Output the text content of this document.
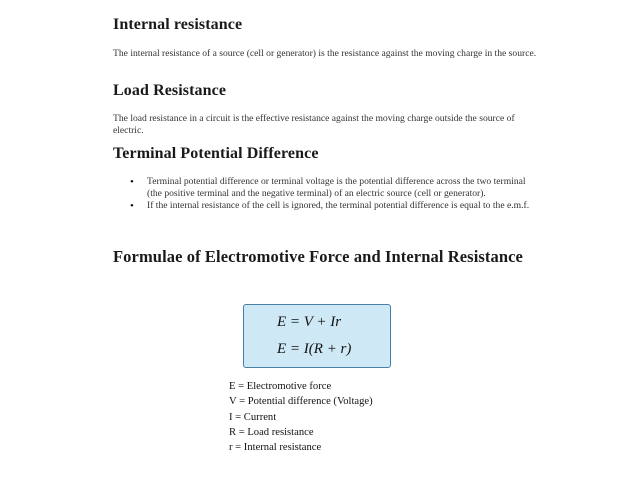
Internal resistance

The internal resistance of a source (cell or generator) is the resistance against the moving charge in the source.

Load Resistance

The load resistance in a circuit is the effective resistance against the moving charge outside the source of electric.

Terminal Potential Difference
• Terminal potential difference or terminal voltage is the potential difference across the two terminal (the positive terminal and the negative terminal) of an electric source (cell or generator).
• If the internal resistance of the cell is ignored, the terminal potential difference is equal to the e.m.f.
Formulae of Electromotive Force and Internal Resistance
E = V + Ir
E = I(R + r)
E = Electromotive force
V = Potential difference (Voltage)
I = Current
R = Load resistance
r = Internal resistance
